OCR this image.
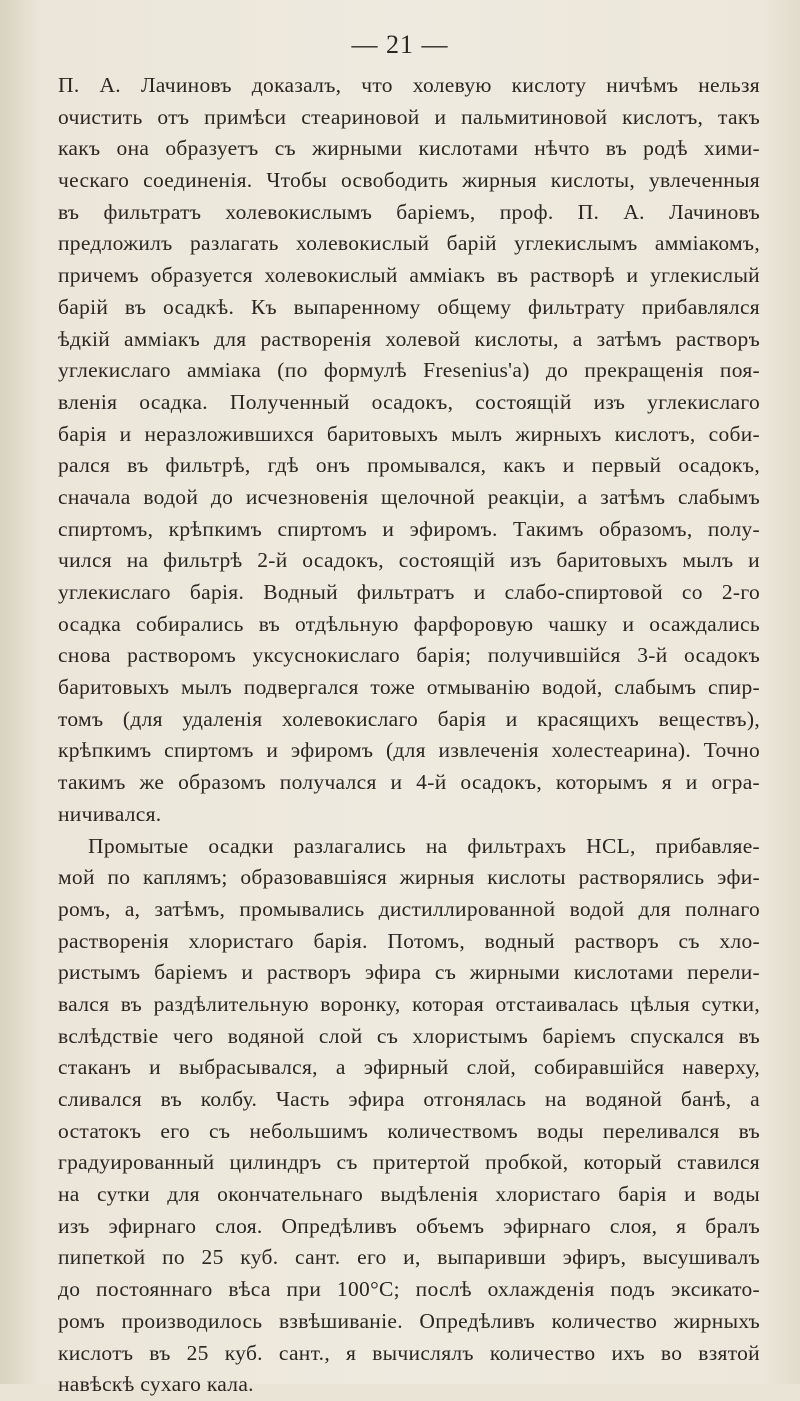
— 21 —
П. А. Лачиновъ доказалъ, что холевую кислоту ничѣмъ нельзя
очистить отъ примѣси стеариновой и пальмитиновой кислотъ, такъ
какъ она образуетъ съ жирными кислотами нѣчто въ родѣ хими-
ческаго соединенія. Чтобы освободить жирныя кислоты, увлеченныя
въ фильтратъ холевокислымъ баріемъ, проф. П. А. Лачиновъ
предложилъ разлагать холевокислый барій углекислымъ амміакомъ,
причемъ образуется холевокислый амміакъ въ растворѣ и углекислый
барій въ осадкѣ. Къ выпаренному общему фильтрату прибавлялся
ѣдкій амміакъ для растворенія холевой кислоты, а затѣмъ растворъ
углекислаго амміака (по формулѣ Fresenius'а) до прекращенія поя-
вленія осадка. Полученный осадокъ, состоящій изъ углекислаго
барія и неразложившихся баритовыхъ мылъ жирныхъ кислотъ, соби-
рался въ фильтрѣ, гдѣ онъ промывался, какъ и первый осадокъ,
сначала водой до исчезновенія щелочной реакціи, а затѣмъ слабымъ
спиртомъ, крѣпкимъ спиртомъ и эфиромъ. Такимъ образомъ, полу-
чился на фильтрѣ 2-й осадокъ, состоящій изъ баритовыхъ мылъ и
углекислаго барія. Водный фильтратъ и слабо-спиртовой со 2-го
осадка собирались въ отдѣльную фарфоровую чашку и осаждались
снова растворомъ уксуснокислаго барія; получившійся 3-й осадокъ
баритовыхъ мылъ подвергался тоже отмыванію водой, слабымъ спир-
томъ (для удаленія холевокислаго барія и красящихъ веществъ),
крѣпкимъ спиртомъ и эфиромъ (для извлеченія холестеарина). Точно
такимъ же образомъ получался и 4-й осадокъ, которымъ я и огра-
ничивался.
Промытые осадки разлагались на фильтрахъ HCL, прибавляе-
мой по каплямъ; образовавшіяся жирныя кислоты растворялись эфи-
ромъ, а, затѣмъ, промывались дистиллированной водой для полнаго
растворенія хлористаго барія. Потомъ, водный растворъ съ хло-
ристымъ баріемъ и растворъ эфира съ жирными кислотами перели-
вался въ раздѣлительную воронку, которая отстаивалась цѣлыя сутки,
вслѣдствіе чего водяной слой съ хлористымъ баріемъ спускался въ
стаканъ и выбрасывался, а эфирный слой, собиравшійся наверху,
сливался въ колбу. Часть эфира отгонялась на водяной банѣ, а
остатокъ его съ небольшимъ количествомъ воды переливался въ
градуированный цилиндръ съ притертой пробкой, который ставился
на сутки для окончательнаго выдѣленія хлористаго барія и воды
изъ эфирнаго слоя. Опредѣливъ объемъ эфирнаго слоя, я бралъ
пипеткой по 25 куб. сант. его и, выпаривши эфиръ, высушивалъ
до постояннаго вѣса при 100°С; послѣ охлажденія подъ эксикато-
ромъ производилось взвѣшиваніе. Опредѣливъ количество жирныхъ
кислотъ въ 25 куб. сант., я вычислялъ количество ихъ во взятой
навѣскѣ сухаго кала.
